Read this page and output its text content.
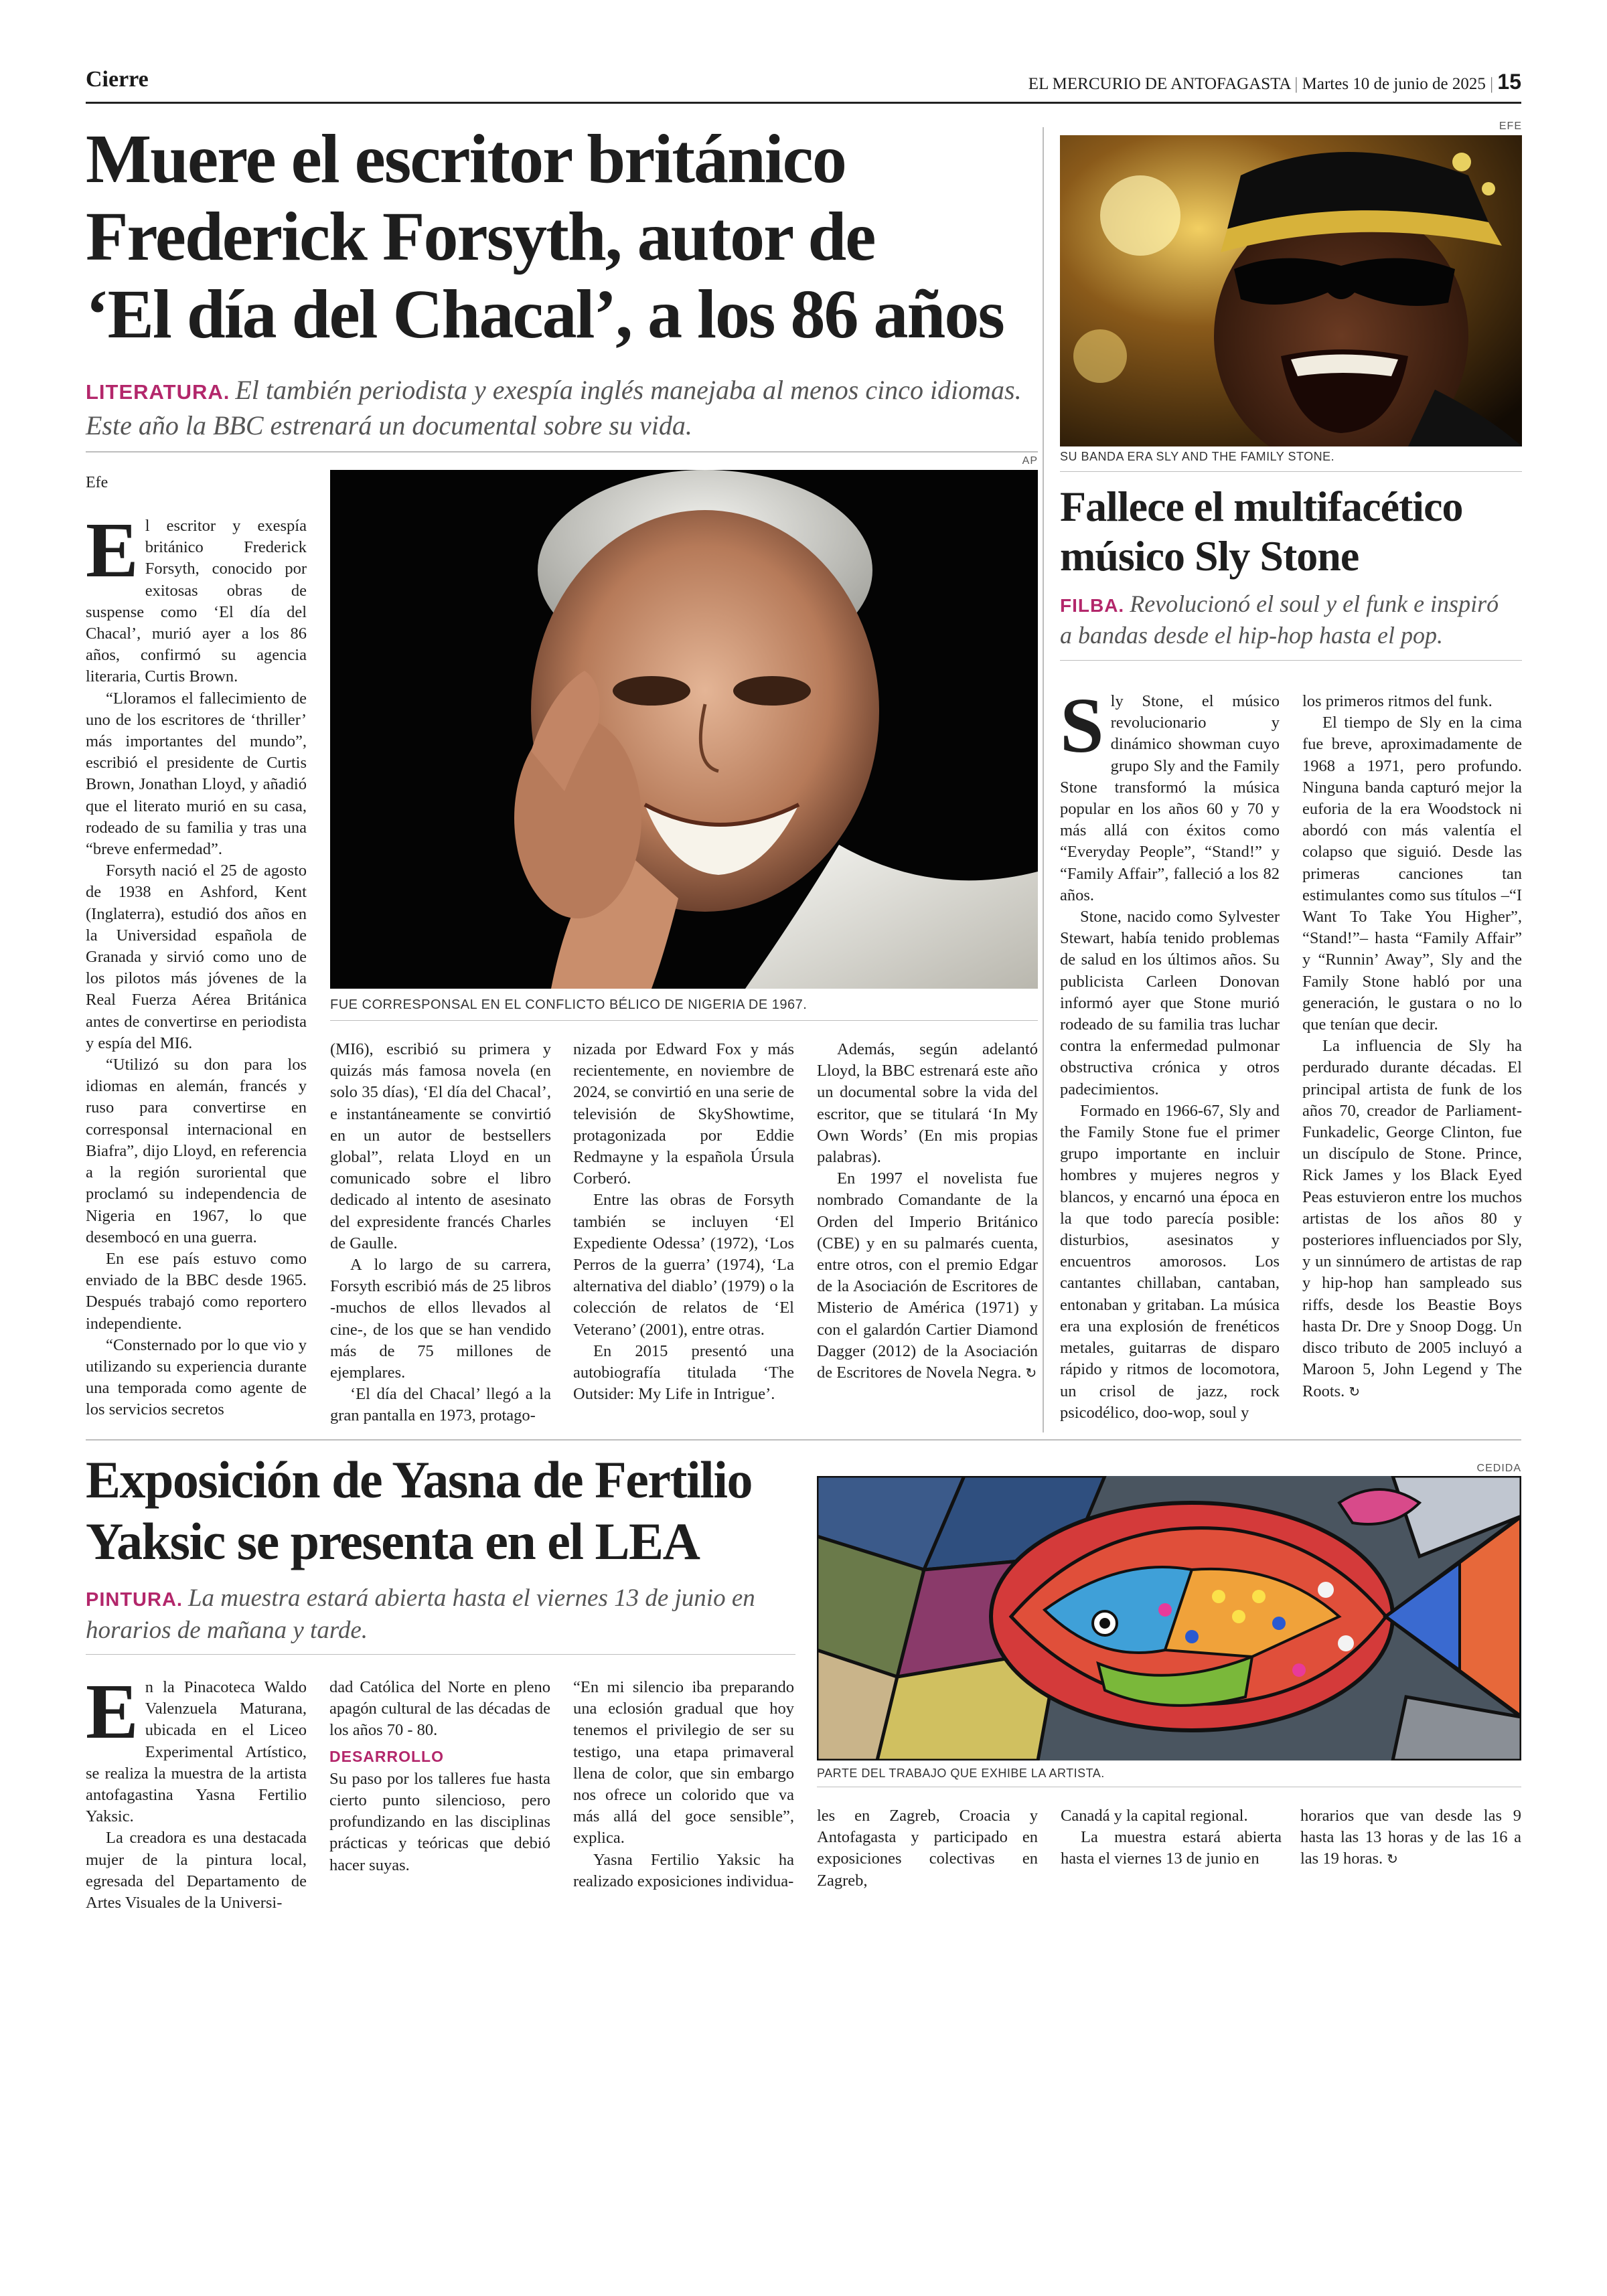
Cierre	EL MERCURIO DE ANTOFAGASTA | Martes 10 de junio de 2025 | 15
Muere el escritor británico
Frederick Forsyth, autor de
‘El día del Chacal’, a los 86 años
LITERATURA. El también periodista y exespía inglés manejaba al menos cinco idiomas. Este año la BBC estrenará un documental sobre su vida.
Efe
AP
FUE CORRESPONSAL EN EL CONFLICTO BÉLICO DE NIGERIA DE 1967.

El escritor y exespía británico Frederick Forsyth, conocido por exitosas obras de suspense como ‘El día del Chacal’, murió ayer a los 86 años, confirmó su agencia literaria, Curtis Brown.

“Lloramos el fallecimiento de uno de los escritores de ‘thriller’ más importantes del mundo”, escribió el presidente de Curtis Brown, Jonathan Lloyd, y añadió que el literato murió en su casa, rodeado de su familia y tras una “breve enfermedad”.

Forsyth nació el 25 de agosto de 1938 en Ashford, Kent (Inglaterra), estudió dos años en la Universidad española de Granada y sirvió como uno de los pilotos más jóvenes de la Real Fuerza Aérea Británica antes de convertirse en periodista y espía del MI6.

“Utilizó su don para los idiomas en alemán, francés y ruso para convertirse en corresponsal internacional en Biafra”, dijo Lloyd, en referencia a la región suroriental que proclamó su independencia de Nigeria en 1967, lo que desembocó en una guerra.

En ese país estuvo como enviado de la BBC desde 1965. Después trabajó como reportero independiente.

“Consternado por lo que vio y utilizando su experiencia durante una temporada como agente de los servicios secretos

(MI6), escribió su primera y quizás más famosa novela (en solo 35 días), ‘El día del Chacal’, e instantáneamente se convirtió en un autor de bestsellers global”, relata Lloyd en un comunicado sobre el libro dedicado al intento de asesinato del expresidente francés Charles de Gaulle.

A lo largo de su carrera, Forsyth escribió más de 25 libros -muchos de ellos llevados al cine-, de los que se han vendido más de 75 millones de ejemplares.

‘El día del Chacal’ llegó a la gran pantalla en 1973, protago-

nizada por Edward Fox y más recientemente, en noviembre de 2024, se convirtió en una serie de televisión de SkyShowtime, protagonizada por Eddie Redmayne y la española Úrsula Corberó.

Entre las obras de Forsyth también se incluyen ‘El Expediente Odessa’ (1972), ‘Los Perros de la guerra’ (1974), ‘La alternativa del diablo’ (1979) o la colección de relatos de ‘El Veterano’ (2001), entre otras.

En 2015 presentó una autobiografía titulada ‘The Outsider: My Life in Intrigue’.

Además, según adelantó Lloyd, la BBC estrenará este año un documental sobre la vida del escritor, que se titulará ‘In My Own Words’ (En mis propias palabras).

En 1997 el novelista fue nombrado Comandante de la Orden del Imperio Británico (CBE) y en su palmarés cuenta, entre otros, con el premio Edgar de la Asociación de Escritores de Misterio de América (1971) y con el galardón Cartier Diamond Dagger (2012) de la Asociación de Escritores de Novela Negra. ↻

EFE
SU BANDA ERA SLY AND THE FAMILY STONE.
Fallece el multifacético
músico Sly Stone
FILBA. Revolucionó el soul y el funk e inspiró a bandas desde el hip-hop hasta el pop.

Sly Stone, el músico revolucionario y dinámico showman cuyo grupo Sly and the Family Stone transformó la música popular en los años 60 y 70 y más allá con éxitos como “Everyday People”, “Stand!” y “Family Affair”, falleció a los 82 años.

Stone, nacido como Sylvester Stewart, había tenido problemas de salud en los últimos años. Su publicista Carleen Donovan informó ayer que Stone murió rodeado de su familia tras luchar contra la enfermedad pulmonar obstructiva crónica y otros padecimientos.

Formado en 1966-67, Sly and the Family Stone fue el primer grupo importante en incluir hombres y mujeres negros y blancos, y encarnó una época en la que todo parecía posible: disturbios, asesinatos y encuentros amorosos. Los cantantes chillaban, cantaban, entonaban y gritaban. La música era una explosión de frenéticos metales, guitarras de disparo rápido y ritmos de locomotora, un crisol de jazz, rock psicodélico, doo-wop, soul y

los primeros ritmos del funk.

El tiempo de Sly en la cima fue breve, aproximadamente de 1968 a 1971, pero profundo. Ninguna banda capturó mejor la euforia de la era Woodstock ni abordó con más valentía el colapso que siguió. Desde las primeras canciones tan estimulantes como sus títulos –“I Want To Take You Higher”, “Stand!”– hasta “Family Affair” y “Runnin’ Away”, Sly and the Family Stone habló por una generación, le gustara o no lo que tenían que decir.

La influencia de Sly ha perdurado durante décadas. El principal artista de funk de los años 70, creador de Parliament-Funkadelic, George Clinton, fue un discípulo de Stone. Prince, Rick James y los Black Eyed Peas estuvieron entre los muchos artistas de los años 80 y posteriores influenciados por Sly, y un sinnúmero de artistas de rap y hip-hop han sampleado sus riffs, desde los Beastie Boys hasta Dr. Dre y Snoop Dogg. Un disco tributo de 2005 incluyó a Maroon 5, John Legend y The Roots. ↻

Exposición de Yasna de Fertilio
Yaksic se presenta en el LEA
PINTURA. La muestra estará abierta hasta el viernes 13 de junio en horarios de mañana y tarde.
CEDIDA
PARTE DEL TRABAJO QUE EXHIBE LA ARTISTA.

En la Pinacoteca Waldo Valenzuela Maturana, ubicada en el Liceo Experimental Artístico, se realiza la muestra de la artista antofagastina Yasna Fertilio Yaksic.

La creadora es una destacada mujer de la pintura local, egresada del Departamento de Artes Visuales de la Universi-

dad Católica del Norte en pleno apagón cultural de las décadas de los años 70 - 80.

DESARROLLO

Su paso por los talleres fue hasta cierto punto silencioso, pero profundizando en las disciplinas prácticas y teóricas que debió hacer suyas.

“En mi silencio iba preparando una eclosión gradual que hoy tenemos el privilegio de ser su testigo, una etapa primaveral llena de color, que sin embargo nos ofrece un colorido que va más allá del goce sensible”, explica.

Yasna Fertilio Yaksic ha realizado exposiciones individua-

les en Zagreb, Croacia y Antofagasta y participado en exposiciones colectivas en Zagreb,

Canadá y la capital regional.

La muestra estará abierta hasta el viernes 13 de junio en

horarios que van desde las 9 hasta las 13 horas y de las 16 a las 19 horas. ↻
